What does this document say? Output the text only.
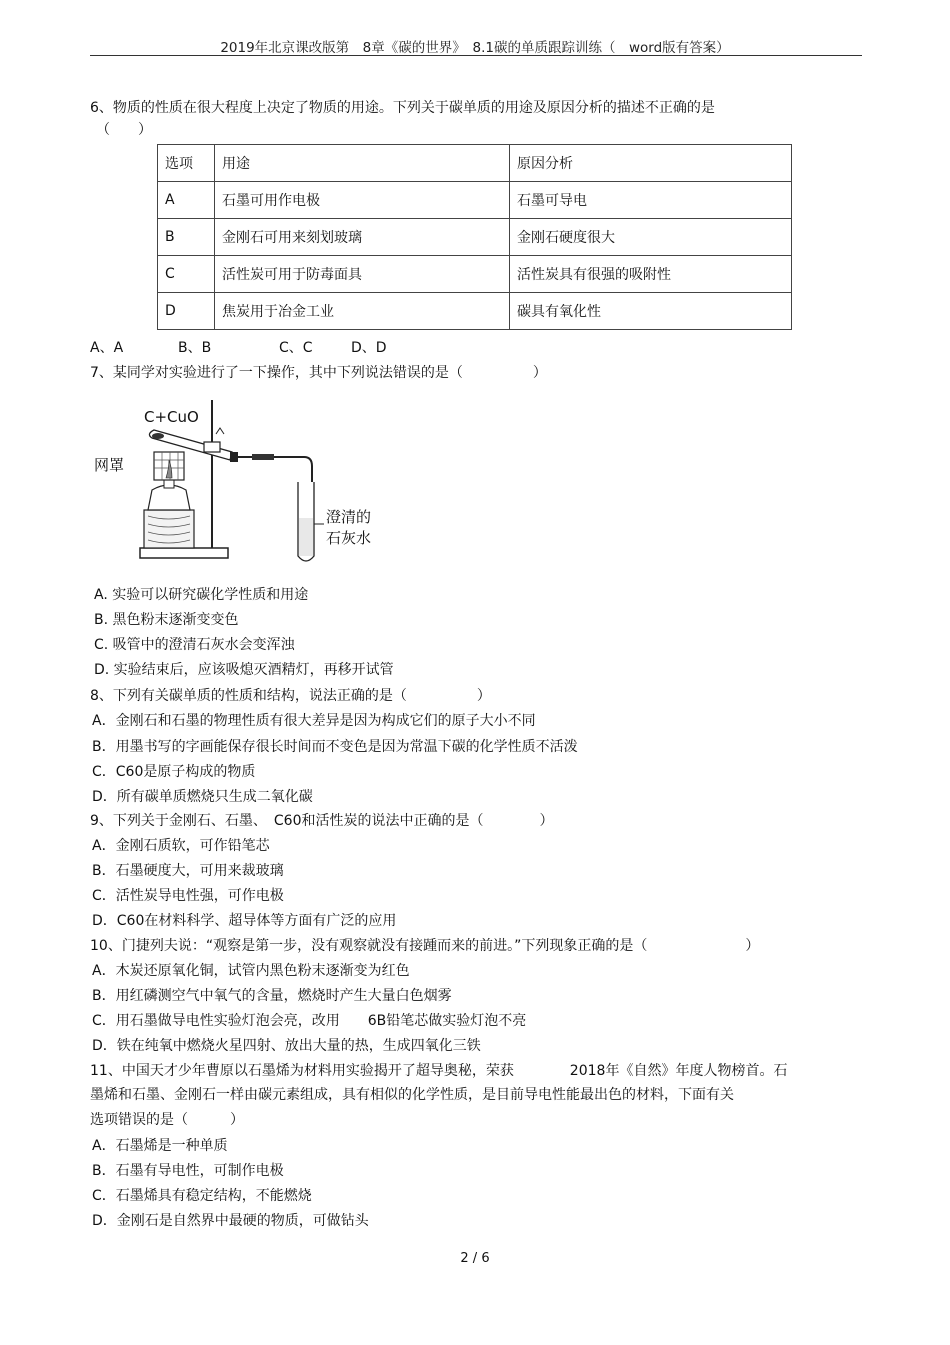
2019年北京课改版第　8章《碳的世界》　8.1碳的单质跟踪训练（　word版有答案）
6、物质的性质在很大程度上决定了物质的用途。下列关于碳单质的用途及原因分析的描述不正确的是
（　　）
选项	用途	原因分析
A	石墨可用作电极	石墨可导电
B	金刚石可用来刻划玻璃	金刚石硬度很大
C	活性炭可用于防毒面具	活性炭具有很强的吸附性
D	焦炭用于冶金工业	碳具有氧化性
A、A	B、B	C、C	D、D
7、某同学对实验进行了一下操作，其中下列说法错误的是（　　　　　）
C+CuO
网罩
澄清的
石灰水
A. 实验可以研究碳化学性质和用途
B. 黑色粉末逐渐变变色
C. 吸管中的澄清石灰水会变浑浊
D. 实验结束后，应该吸熄灭酒精灯，再移开试管
8、下列有关碳单质的性质和结构，说法正确的是（　　　　　）
A．金刚石和石墨的物理性质有很大差异是因为构成它们的原子大小不同
B．用墨书写的字画能保存很长时间而不变色是因为常温下碳的化学性质不活泼
C．C60是原子构成的物质
D．所有碳单质燃烧只生成二氧化碳
9、下列关于金刚石、石墨、　C60和活性炭的说法中正确的是（　　　　）
A．金刚石质软，可作铅笔芯
B．石墨硬度大，可用来裁玻璃
C．活性炭导电性强，可作电极
D．C60在材料科学、超导体等方面有广泛的应用
10、门捷列夫说：“观察是第一步，没有观察就没有接踵而来的前进。”下列现象正确的是（　　　　　　　）
A．木炭还原氧化铜，试管内黑色粉末逐渐变为红色
B．用红磷测空气中氧气的含量，燃烧时产生大量白色烟雾
C．用石墨做导电性实验灯泡会亮，改用　　6B铅笔芯做实验灯泡不亮
D．铁在纯氧中燃烧火星四射、放出大量的热，生成四氧化三铁
11、中国天才少年曹原以石墨烯为材料用实验揭开了超导奥秘，荣获　　　　2018年《自然》年度人物榜首。石
墨烯和石墨、金刚石一样由碳元素组成，具有相似的化学性质，是目前导电性能最出色的材料，下面有关
选项错误的是（　　　）
A．石墨烯是一种单质
B．石墨有导电性，可制作电极
C．石墨烯具有稳定结构，不能燃烧
D．金刚石是自然界中最硬的物质，可做钻头
2 / 6
